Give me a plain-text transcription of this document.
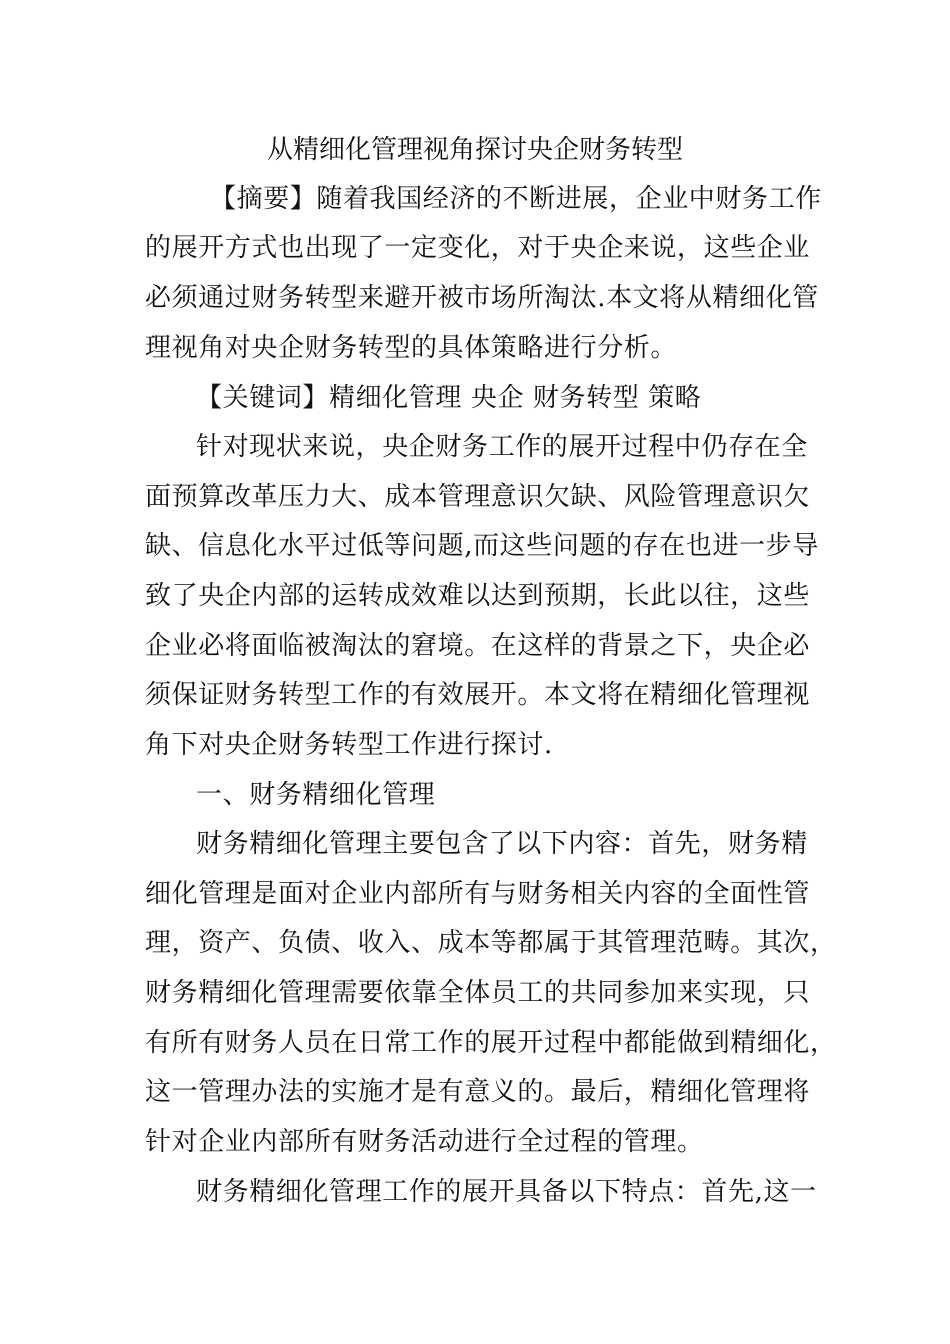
从精细化管理视角探讨央企财务转型
【摘要】随着我国经济的不断进展，企业中财务工作
的展开方式也出现了一定变化，对于央企来说，这些企业
必须通过财务转型来避开被市场所淘汰.本文将从精细化管
理视角对央企财务转型的具体策略进行分析。
【关键词】精细化管理 央企 财务转型 策略
针对现状来说，央企财务工作的展开过程中仍存在全
面预算改革压力大、成本管理意识欠缺、风险管理意识欠
缺、信息化水平过低等问题,而这些问题的存在也进一步导
致了央企内部的运转成效难以达到预期，长此以往，这些
企业必将面临被淘汰的窘境。在这样的背景之下，央企必
须保证财务转型工作的有效展开。本文将在精细化管理视
角下对央企财务转型工作进行探讨.
一、财务精细化管理
财务精细化管理主要包含了以下内容：首先，财务精
细化管理是面对企业内部所有与财务相关内容的全面性管
理，资产、负债、收入、成本等都属于其管理范畴。其次，
财务精细化管理需要依靠全体员工的共同参加来实现，只
有所有财务人员在日常工作的展开过程中都能做到精细化，
这一管理办法的实施才是有意义的。最后，精细化管理将
针对企业内部所有财务活动进行全过程的管理。
财务精细化管理工作的展开具备以下特点：首先,这一
